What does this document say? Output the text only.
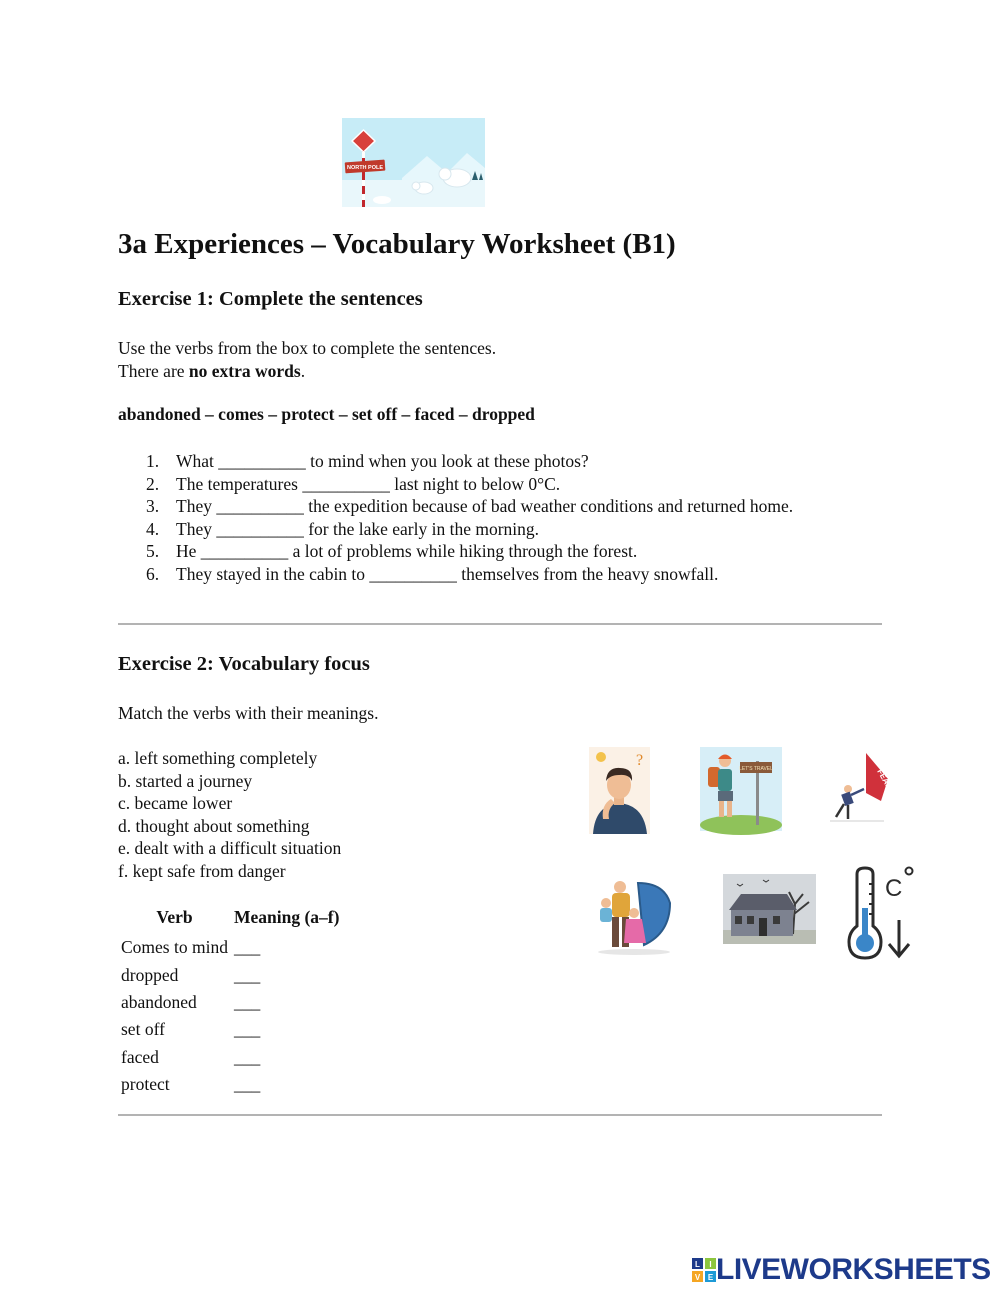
NORTH POLE
3a Experiences – Vocabulary Worksheet (B1)
Exercise 1: Complete the sentences

Use the verbs from the box to complete the sentences.

There are no extra words.

abandoned – comes – protect – set off – faced – dropped
1. What __________ to mind when you look at these photos?
2. The temperatures __________ last night to below 0°C.
3. They __________ the expedition because of bad weather conditions and returned home.
4. They __________ for the lake early in the morning.
5. He __________ a lot of problems while hiking through the forest.
6. They stayed in the cabin to __________ themselves from the heavy snowfall.
Exercise 2: Vocabulary focus

Match the verbs with their meanings.

a. left something completely
b. started a journey
c. became lower
d. thought about something
e. dealt with a difficult situation
f. kept safe from danger
Verb	Meaning (a–f)
Comes to mind	___
dropped	___
abandoned	___
set off	___
faced	___
protect	___
?	LET'S TRAVEL	FEAR
C
L I
V E LIVEWORKSHEETS
